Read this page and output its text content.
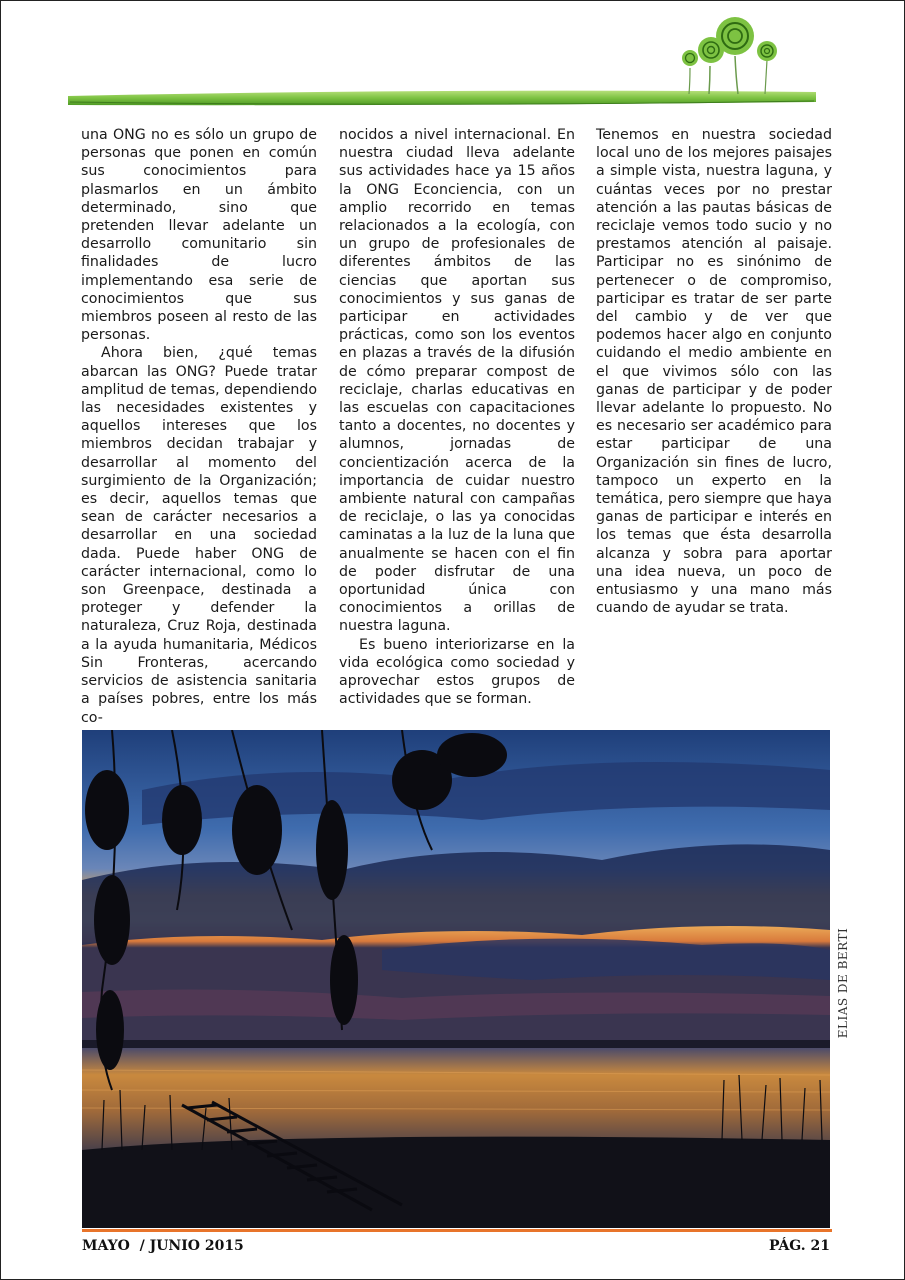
una ONG no es sólo un grupo de personas que ponen en común sus conocimientos para plasmarlos en un ámbito determinado, sino que pretenden llevar adelante un desarrollo comunitario sin finalidades de lucro implementando esa serie de conocimientos que sus miembros poseen al resto de las personas.

Ahora bien, ¿qué temas abarcan las ONG? Puede tratar amplitud de temas, dependiendo las necesidades existentes y aquellos intereses que los miembros decidan trabajar y desarrollar al momento del surgimiento de la Organización; es decir, aquellos temas que sean de carácter necesarios a desarrollar en una sociedad dada. Puede haber ONG de carácter internacional, como lo son Greenpace, destinada a proteger y defender la naturaleza, Cruz Roja, destinada a la ayuda humanitaria, Médicos Sin Fronteras, acercando servicios de asistencia sanitaria a países pobres, entre los más co-

nocidos a nivel internacional. En nuestra ciudad lleva adelante sus actividades hace ya 15 años la ONG Econciencia, con un amplio recorrido en temas relacionados a la ecología, con un grupo de profesionales de diferentes ámbitos de las ciencias que aportan sus conocimientos y sus ganas de participar en actividades prácticas, como son los eventos en plazas a través de la difusión de cómo preparar compost de reciclaje, charlas educativas en las escuelas con capacitaciones tanto a docentes, no docentes y alumnos, jornadas de concientización acerca de la importancia de cuidar nuestro ambiente natural con campañas de reciclaje, o las ya conocidas caminatas a la luz de la luna que anualmente se hacen con el fin de poder disfrutar de una oportunidad única con conocimientos a orillas de nuestra laguna.

Es bueno interiorizarse en la vida ecológica como sociedad y aprovechar estos grupos de actividades que se forman.

Tenemos en nuestra sociedad local uno de los mejores paisajes a simple vista, nuestra laguna, y cuántas veces por no prestar atención a las pautas básicas de reciclaje vemos todo sucio y no prestamos atención al paisaje. Participar no es sinónimo de pertenecer o de compromiso, participar es tratar de ser parte del cambio y de ver que podemos hacer algo en conjunto cuidando el medio ambiente en el que vivimos sólo con las ganas de participar y de poder llevar adelante lo propuesto. No es necesario ser académico para estar participar de una Organización sin fines de lucro, tampoco un experto en la temática, pero siempre que haya ganas de participar e interés en los temas que ésta desarrolla alcanza y sobra para aportar una idea nueva, un poco de entusiasmo y una mano más cuando de ayudar se trata.

ELIAS DE BERTI
MAYO  / JUNIO 2015	PÁG. 21
